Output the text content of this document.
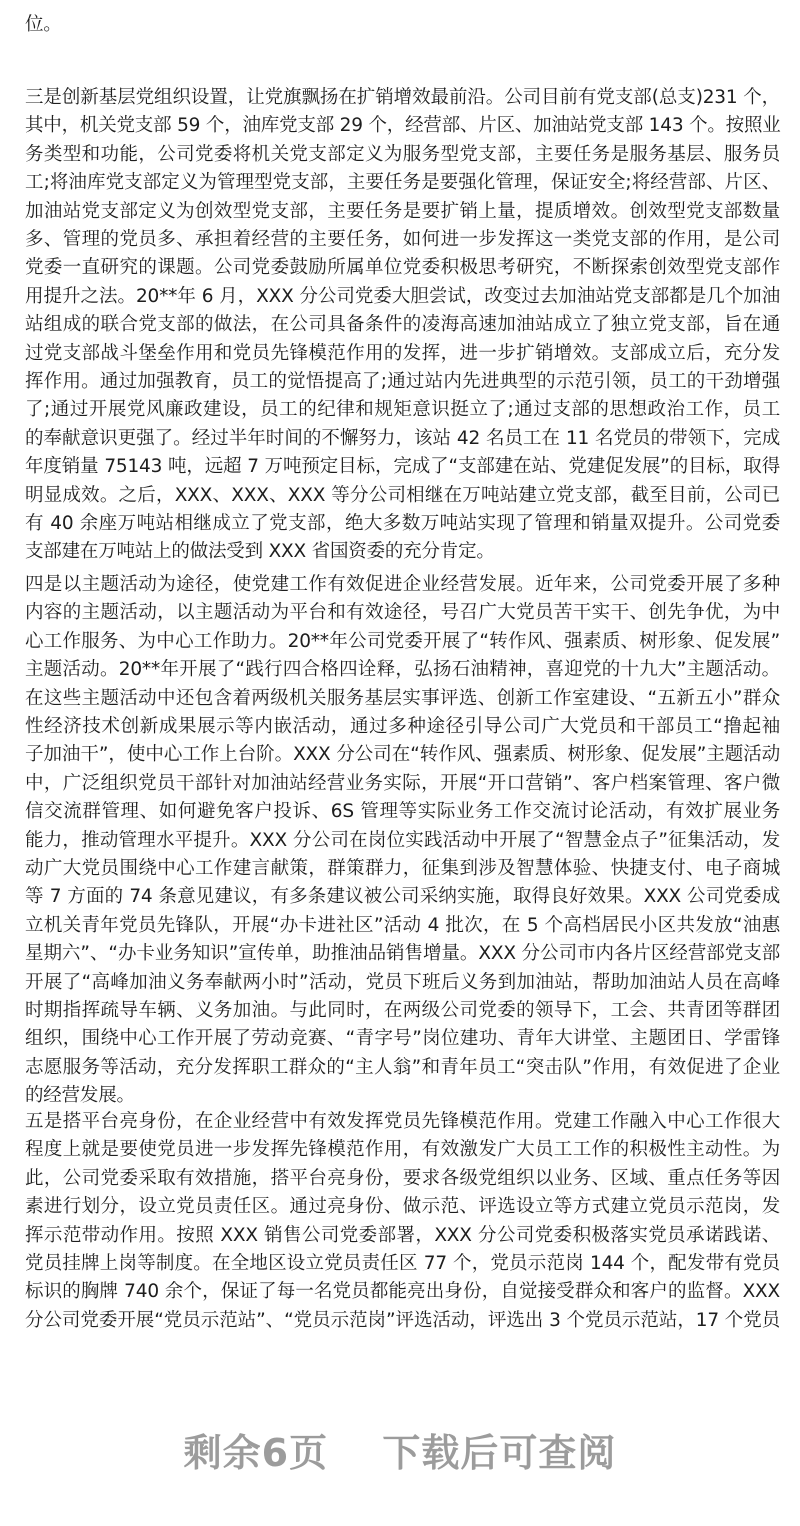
位。
三是创新基层党组织设置，让党旗飘扬在扩销增效最前沿。公司目前有党支部(总支)231 个，
其中，机关党支部 59 个，油库党支部 29 个，经营部、片区、加油站党支部 143 个。按照业
务类型和功能，公司党委将机关党支部定义为服务型党支部，主要任务是服务基层、服务员
工;将油库党支部定义为管理型党支部，主要任务是要强化管理，保证安全;将经营部、片区、
加油站党支部定义为创效型党支部，主要任务是要扩销上量，提质增效。创效型党支部数量
多、管理的党员多、承担着经营的主要任务，如何进一步发挥这一类党支部的作用，是公司
党委一直研究的课题。公司党委鼓励所属单位党委积极思考研究，不断探索创效型党支部作
用提升之法。20**年 6 月，XXX 分公司党委大胆尝试，改变过去加油站党支部都是几个加油
站组成的联合党支部的做法，在公司具备条件的凌海高速加油站成立了独立党支部，旨在通
过党支部战斗堡垒作用和党员先锋模范作用的发挥，进一步扩销增效。支部成立后，充分发
挥作用。通过加强教育，员工的觉悟提高了;通过站内先进典型的示范引领，员工的干劲增强
了;通过开展党风廉政建设，员工的纪律和规矩意识挺立了;通过支部的思想政治工作，员工
的奉献意识更强了。经过半年时间的不懈努力，该站 42 名员工在 11 名党员的带领下，完成
年度销量 75143 吨，远超 7 万吨预定目标，完成了“支部建在站、党建促发展”的目标，取得
明显成效。之后，XXX、XXX、XXX 等分公司相继在万吨站建立党支部，截至目前，公司已
有 40 余座万吨站相继成立了党支部，绝大多数万吨站实现了管理和销量双提升。公司党委
支部建在万吨站上的做法受到 XXX 省国资委的充分肯定。
四是以主题活动为途径，使党建工作有效促进企业经营发展。近年来，公司党委开展了多种
内容的主题活动，以主题活动为平台和有效途径，号召广大党员苦干实干、创先争优，为中
心工作服务、为中心工作助力。20**年公司党委开展了“转作风、强素质、树形象、促发展”
主题活动。20**年开展了“践行四合格四诠释，弘扬石油精神，喜迎党的十九大”主题活动。
在这些主题活动中还包含着两级机关服务基层实事评选、创新工作室建设、“五新五小”群众
性经济技术创新成果展示等内嵌活动，通过多种途径引导公司广大党员和干部员工“撸起袖
子加油干”，使中心工作上台阶。XXX 分公司在“转作风、强素质、树形象、促发展”主题活动
中，广泛组织党员干部针对加油站经营业务实际，开展“开口营销”、客户档案管理、客户微
信交流群管理、如何避免客户投诉、6S 管理等实际业务工作交流讨论活动，有效扩展业务
能力，推动管理水平提升。XXX 分公司在岗位实践活动中开展了“智慧金点子”征集活动，发
动广大党员围绕中心工作建言献策，群策群力，征集到涉及智慧体验、快捷支付、电子商城
等 7 方面的 74 条意见建议，有多条建议被公司采纳实施，取得良好效果。XXX 公司党委成
立机关青年党员先锋队，开展“办卡进社区”活动 4 批次，在 5 个高档居民小区共发放“油惠
星期六”、“办卡业务知识”宣传单，助推油品销售增量。XXX 分公司市内各片区经营部党支部
开展了“高峰加油义务奉献两小时”活动，党员下班后义务到加油站，帮助加油站人员在高峰
时期指挥疏导车辆、义务加油。与此同时，在两级公司党委的领导下，工会、共青团等群团
组织，围绕中心工作开展了劳动竞赛、“青字号”岗位建功、青年大讲堂、主题团日、学雷锋
志愿服务等活动，充分发挥职工群众的“主人翁”和青年员工“突击队”作用，有效促进了企业
的经营发展。
五是搭平台亮身份，在企业经营中有效发挥党员先锋模范作用。党建工作融入中心工作很大
程度上就是要使党员进一步发挥先锋模范作用，有效激发广大员工工作的积极性主动性。为
此，公司党委采取有效措施，搭平台亮身份，要求各级党组织以业务、区域、重点任务等因
素进行划分，设立党员责任区。通过亮身份、做示范、评选设立等方式建立党员示范岗，发
挥示范带动作用。按照 XXX 销售公司党委部署，XXX 分公司党委积极落实党员承诺践诺、
党员挂牌上岗等制度。在全地区设立党员责任区 77 个，党员示范岗 144 个，配发带有党员
标识的胸牌 740 余个，保证了每一名党员都能亮出身份，自觉接受群众和客户的监督。XXX
分公司党委开展“党员示范站”、“党员示范岗”评选活动，评选出 3 个党员示范站，17 个党员
剩余6页 下载后可查阅
